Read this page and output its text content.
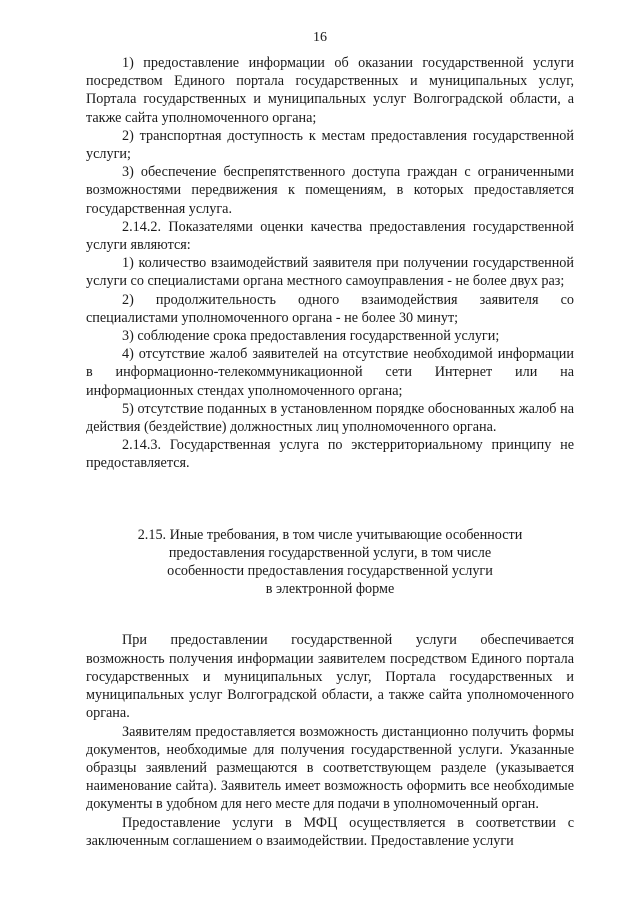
16

1) предоставление информации об оказании государственной услуги посредством Единого портала государственных и муниципальных услуг, Портала государственных и муниципальных услуг Волгоградской области, а также сайта уполномоченного органа;

2) транспортная доступность к местам предоставления государственной услуги;

3) обеспечение беспрепятственного доступа граждан с ограниченными возможностями передвижения к помещениям, в которых предоставляется государственная услуга.

2.14.2. Показателями оценки качества предоставления государственной услуги являются:

1) количество взаимодействий заявителя при получении государственной услуги со специалистами органа местного самоуправления - не более двух раз;

2) продолжительность одного взаимодействия заявителя со специалистами уполномоченного органа - не более 30 минут;

3) соблюдение срока предоставления государственной услуги;

4) отсутствие жалоб заявителей на отсутствие необходимой информации в информационно-телекоммуникационной сети Интернет или на информационных стендах уполномоченного органа;

5) отсутствие поданных в установленном порядке обоснованных жалоб на действия (бездействие) должностных лиц уполномоченного органа.

2.14.3. Государственная услуга по экстерриториальному принципу не предоставляется.

2.15. Иные требования, в том числе учитывающие особенности
предоставления государственной услуги, в том числе
особенности предоставления государственной услуги
в электронной форме

При предоставлении государственной услуги обеспечивается возможность получения информации заявителем посредством Единого портала государственных и муниципальных услуг, Портала государственных и муниципальных услуг Волгоградской области, а также сайта уполномоченного органа.

Заявителям предоставляется возможность дистанционно получить формы документов, необходимые для получения государственной услуги. Указанные образцы заявлений размещаются в соответствующем разделе (указывается наименование сайта). Заявитель имеет возможность оформить все необходимые документы в удобном для него месте для подачи в уполномоченный орган.

Предоставление услуги в МФЦ осуществляется в соответствии с заключенным соглашением о взаимодействии. Предоставление услуги
